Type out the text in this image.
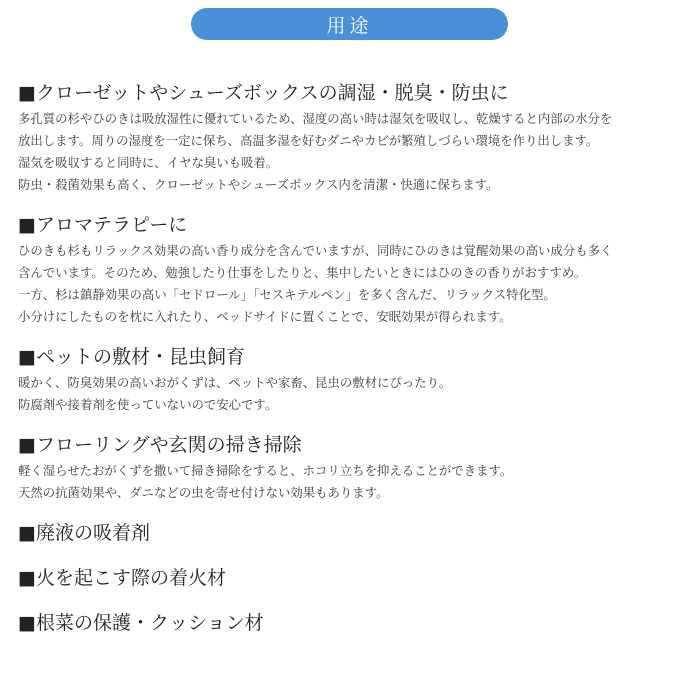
用途
■クローゼットやシューズボックスの調湿・脱臭・防虫に

多孔質の杉やひのきは吸放湿性に優れているため、湿度の高い時は湿気を吸収し、乾燥すると内部の水分を

放出します。周りの湿度を一定に保ち、高温多湿を好むダニやカビが繁殖しづらい環境を作り出します。

湿気を吸収すると同時に、イヤな臭いも吸着。

防虫・殺菌効果も高く、クローゼットやシューズボックス内を清潔・快適に保ちます。

■アロマテラピーに

ひのきも杉もリラックス効果の高い香り成分を含んでいますが、同時にひのきは覚醒効果の高い成分も多く

含んでいます。そのため、勉強したり仕事をしたりと、集中したいときにはひのきの香りがおすすめ。

一方、杉は鎮静効果の高い「セドロール」「セスキテルペン」を多く含んだ、リラックス特化型。

小分けにしたものを枕に入れたり、ベッドサイドに置くことで、安眠効果が得られます。

■ペットの敷材・昆虫飼育

暖かく、防臭効果の高いおがくずは、ペットや家畜、昆虫の敷材にぴったり。

防腐剤や接着剤を使っていないので安心です。

■フローリングや玄関の掃き掃除

軽く湿らせたおがくずを撒いて掃き掃除をすると、ホコリ立ちを抑えることができます。

天然の抗菌効果や、ダニなどの虫を寄せ付けない効果もあります。

■廃液の吸着剤
■火を起こす際の着火材
■根菜の保護・クッション材
